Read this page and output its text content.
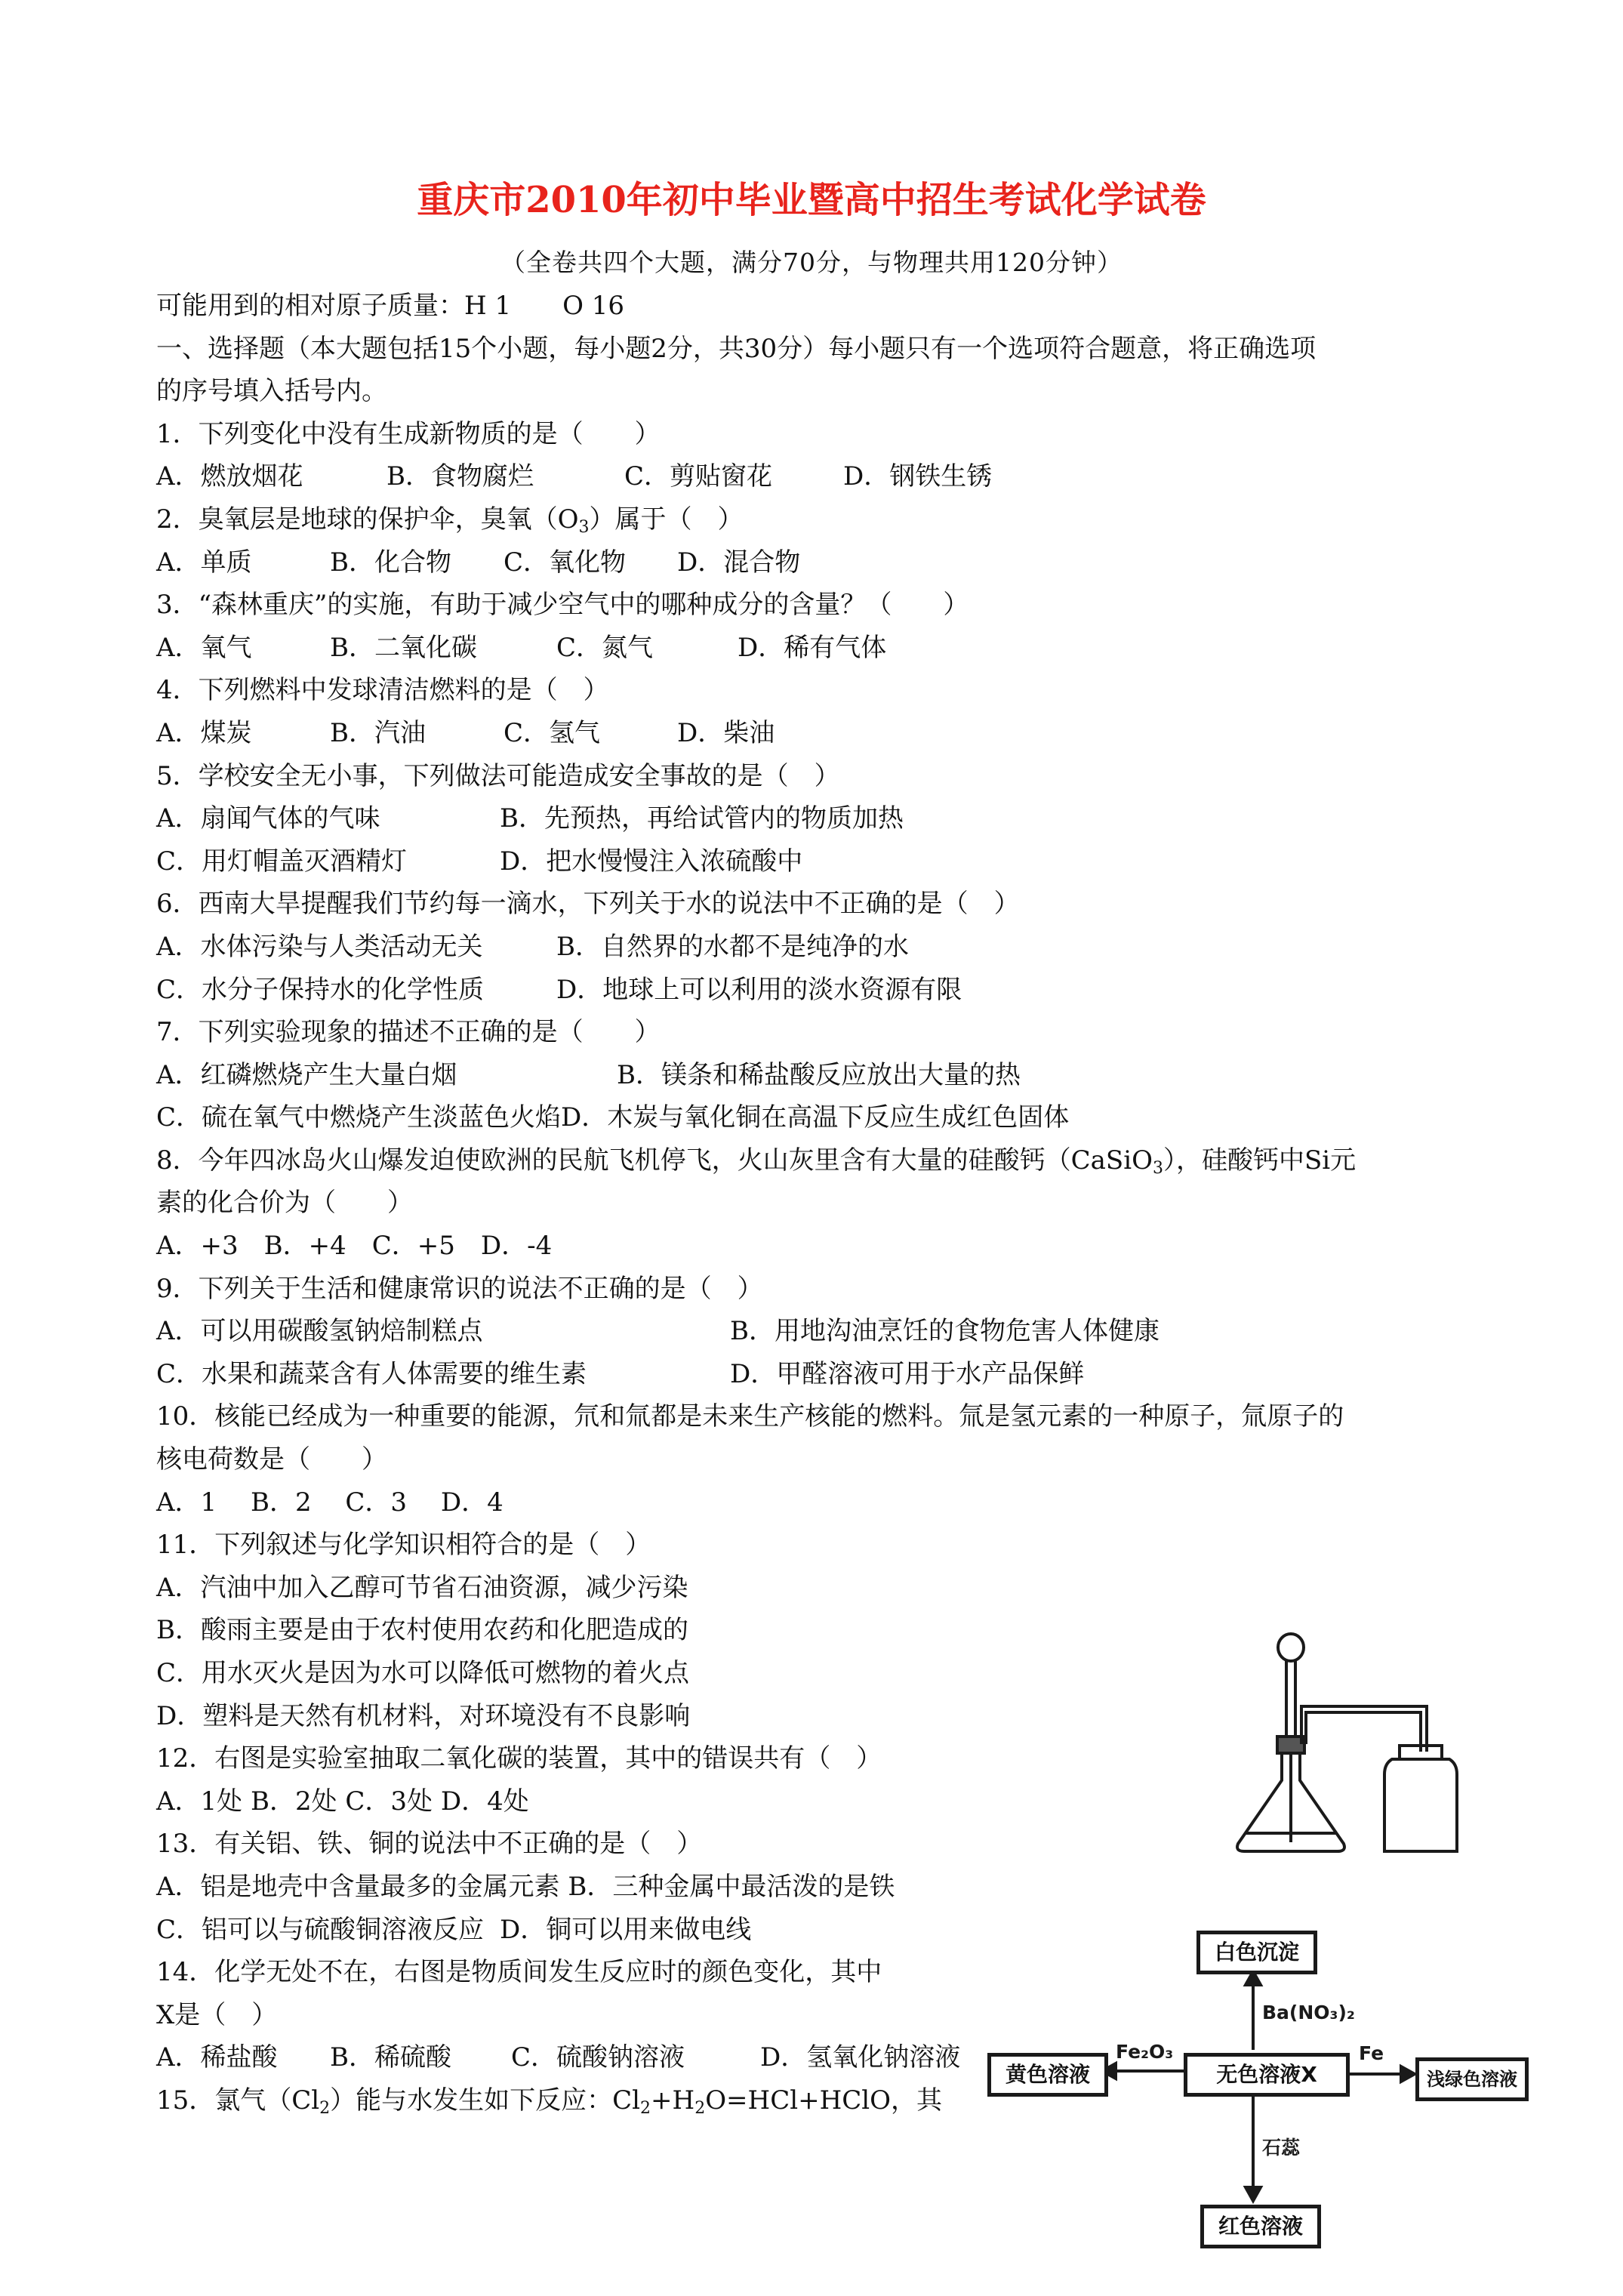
重庆市2010年初中毕业暨高中招生考试化学试卷
（全卷共四个大题，满分70分，与物理共用120分钟）
可能用到的相对原子质量：H 1　　O 16
一、选择题（本大题包括15个小题，每小题2分，共30分）每小题只有一个选项符合题意，将正确选项
的序号填入括号内。
1．下列变化中没有生成新物质的是（　　）
A．燃放烟花	B．食物腐烂	C．剪贴窗花	D．钢铁生锈
2．臭氧层是地球的保护伞，臭氧$(O_3)$属于（　）
A．单质	B．化合物 C．氧化物 D．混合物
3．“森林重庆”的实施，有助于减少空气中的哪种成分的含量？（　　）
A．氧气	B．二氧化碳	C．氮气	D．稀有气体
4．下列燃料中发球清洁燃料的是（　）
A．煤炭	B．汽油	C．氢气	D．柴油
5．学校安全无小事，下列做法可能造成安全事故的是（　）
A．扇闻气体的气味	B．先预热，再给试管内的物质加热
C．用灯帽盖灭酒精灯	D．把水慢慢注入浓硫酸中
6．西南大旱提醒我们节约每一滴水，下列关于水的说法中不正确的是（　）
A．水体污染与人类活动无关	B．自然界的水都不是纯净的水
C．水分子保持水的化学性质	D．地球上可以利用的淡水资源有限
7．下列实验现象的描述不正确的是（　　）
A．红磷燃烧产生大量白烟	B．镁条和稀盐酸反应放出大量的热
C．硫在氧气中燃烧产生淡蓝色火焰D．木炭与氧化铜在高温下反应生成红色固体
8．今年四冰岛火山爆发迫使欧洲的民航飞机停飞，火山灰里含有大量的硅酸钙（CaSiO$_3$），硅酸钙中Si元
素的化合价为（　　）
A．+3　B．+4　C．+5　D．-4
9．下列关于生活和健康常识的说法不正确的是（　）
A．可以用碳酸氢钠焙制糕点	B．用地沟油烹饪的食物危害人体健康
C．水果和蔬菜含有人体需要的维生素	D．甲醛溶液可用于水产品保鲜
10．核能已经成为一种重要的能源，氘和氚都是未来生产核能的燃料。氚是氢元素的一种原子，氚原子的
核电荷数是（　　）
A．1　 B．2　 C．3　 D．4
11．下列叙述与化学知识相符合的是（　）
A．汽油中加入乙醇可节省石油资源，减少污染
B．酸雨主要是由于农村使用农药和化肥造成的
C．用水灭火是因为水可以降低可燃物的着火点
D．塑料是天然有机材料，对环境没有不良影响
12．右图是实验室抽取二氧化碳的装置，其中的错误共有（　）
A．1处 B．2处 C．3处 D．4处
13．有关铝、铁、铜的说法中不正确的是（　）
A．铝是地壳中含量最多的金属元素 B．三种金属中最活泼的是铁
C．铝可以与硫酸铜溶液反应 D．铜可以用来做电线
14．化学无处不在，右图是物质间发生反应时的颜色变化，其中
X是（　）
A．稀盐酸 B．稀硫酸 C．硫酸钠溶液	D．氢氧化钠溶液
15．氯气$(Cl_2)$能与水发生如下反应：$Cl_2+H_2O=HCl+HClO$，其
白色沉淀
黄色溶液	无色溶液X	浅绿色溶液
红色溶液
Ba(NO₃)₂
Fe₂O₃	Fe
石蕊
